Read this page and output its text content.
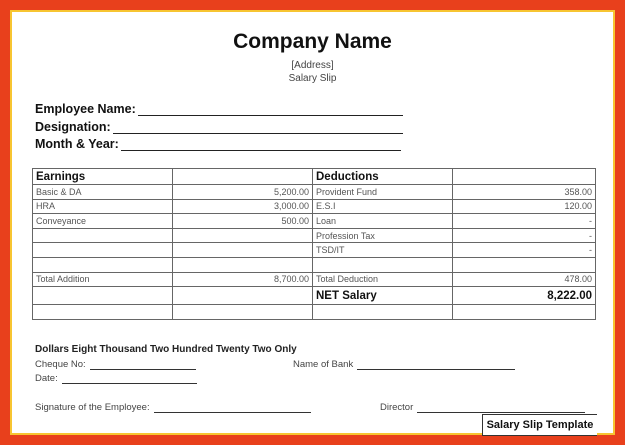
Company Name
[Address]
Salary Slip
Employee Name:
Designation:
Month & Year:
Earnings		Deductions	
Basic & DA	5,200.00	Provident Fund	358.00
HRA	3,000.00	E.S.I	120.00
Conveyance	500.00	Loan	-
		Profession Tax	-
		TSD/IT	-

Total Addition	8,700.00	Total Deduction	478.00
		NET Salary	8,222.00

Dollars Eight Thousand Two Hundred Twenty Two Only
Cheque No:	Name of Bank
Date:
Signature of the Employee:	Director
Salary Slip Template
